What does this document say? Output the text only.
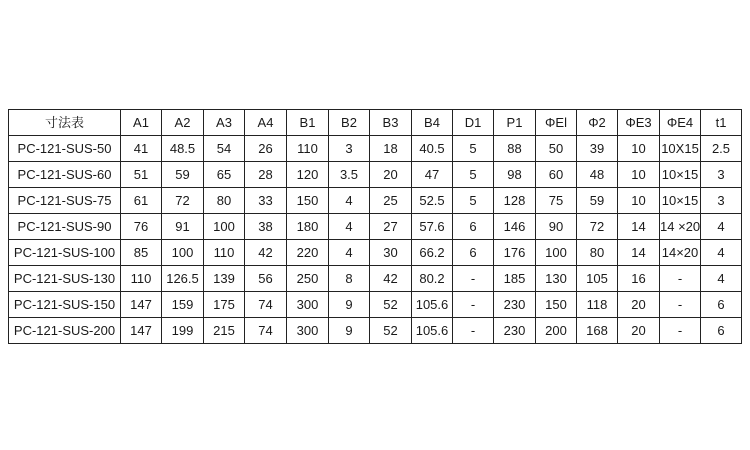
寸法表	A1	A2	A3	A4	B1	B2	B3	B4	D1	P1	ΦEl	Φ2	ΦE3	ΦE4	t1
PC-121-SUS-50	41	48.5	54	26	110	3	18	40.5	5	88	50	39	10	10X15	2.5
PC-121-SUS-60	51	59	65	28	120	3.5	20	47	5	98	60	48	10	10×15	3
PC-121-SUS-75	61	72	80	33	150	4	25	52.5	5	128	75	59	10	10×15	3
PC-121-SUS-90	76	91	100	38	180	4	27	57.6	6	146	90	72	14	14 ×20	4
PC-121-SUS-100	85	100	110	42	220	4	30	66.2	6	176	100	80	14	14×20	4
PC-121-SUS-130	110	126.5	139	56	250	8	42	80.2	-	185	130	105	16	-	4
PC-121-SUS-150	147	159	175	74	300	9	52	105.6	-	230	150	118	20	-	6
PC-121-SUS-200	147	199	215	74	300	9	52	105.6	-	230	200	168	20	-	6
